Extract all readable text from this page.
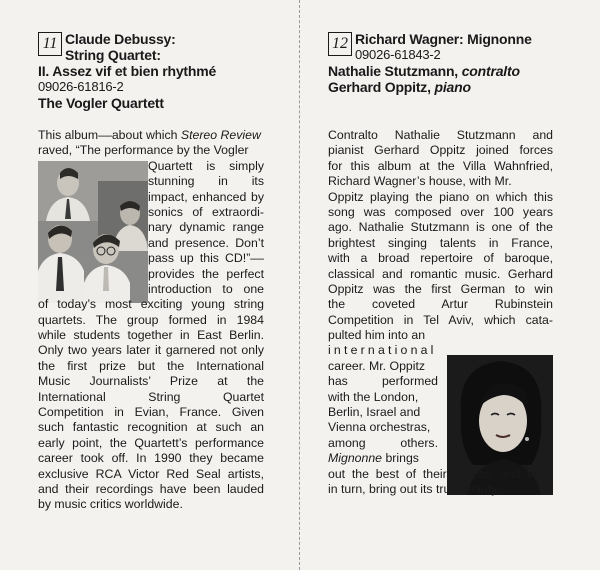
11 Claude Debussy:
String Quartet:
II. Assez vif et bien rhythmé
09026-61816-2
The Vogler Quartett
This album––about which Stereo Review
raved, “The performance by the Vogler
Quartett is simply
stunning in its
impact, enhanced by
sonics of extraordi-
nary dynamic range
and presence. Don’t
pass up this CD!”––
provides the perfect
introduction to one
of today’s most exciting young string
quartets. The group formed in 1984
while students together in East Berlin.
Only two years later it garnered not only
the first prize but the International
Music Journalists’ Prize at the
International String Quartet
Competition in Evian, France. Given
such fantastic recognition at such an
early point, the Quartett’s performance
career took off. In 1990 they became
exclusive RCA Victor Red Seal artists,
and their recordings have been lauded
by music critics worldwide.
12 Richard Wagner: Mignonne
09026-61843-2
Nathalie Stutzmann, contralto
Gerhard Oppitz, piano
Contralto Nathalie Stutzmann and
pianist Gerhard Oppitz joined forces
for this album at the Villa Wahnfried,
Richard Wagner’s house, with Mr.
Oppitz playing the piano on which this
song was composed over 100 years
ago. Nathalie Stutzmann is one of the
brightest singing talents in France,
with a broad repertoire of baroque,
classical and romantic music. Gerhard
Oppitz was the first German to win
the coveted Artur Rubinstein
Competition in Tel Aviv, which cata-
pulted him into an
international
career. Mr. Oppitz
has performed
with the London,
Berlin, Israel and
Vienna orchestras,
among others.
Mignonne brings
out the best of their talents, and they,
in turn, bring out its true beauty.
